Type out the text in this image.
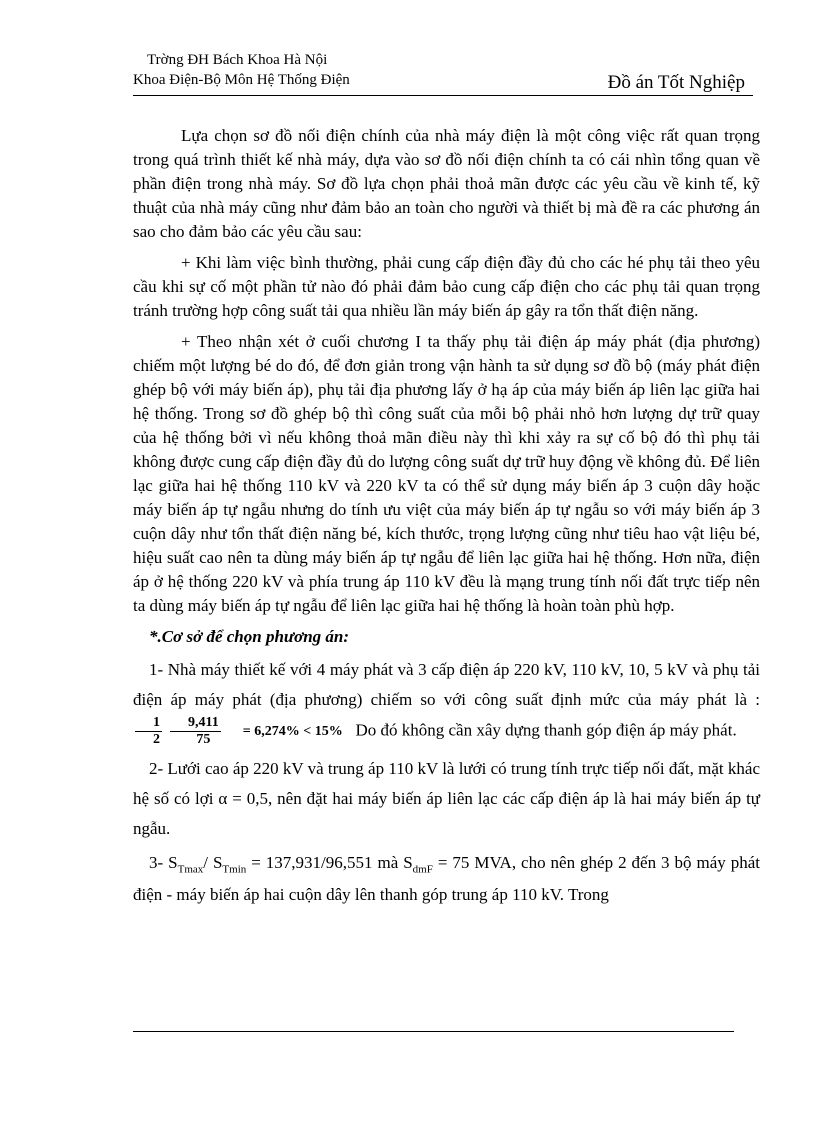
Trờng ĐH Bách Khoa Hà Nội
Khoa Điện-Bộ Môn Hệ Thống Điện	Đồ án Tốt Nghiệp

Lựa chọn sơ đồ nối điện chính của nhà máy điện là một công việc rất quan trọng trong quá trình thiết kế nhà máy, dựa vào sơ đồ nối điện chính ta có cái nhìn tổng quan về phần điện trong nhà máy. Sơ đồ lựa chọn phải thoả mãn được các yêu cầu về kinh tế, kỹ thuật của nhà máy cũng như đảm bảo an toàn cho người và thiết bị mà đề ra các phương án sao cho đảm bảo các yêu cầu sau:

+ Khi làm việc bình thường, phải cung cấp điện đầy đủ cho các hé phụ tải theo yêu cầu khi sự cố một phần tử nào đó phải đảm bảo cung cấp điện cho các phụ tải quan trọng tránh trường hợp công suất tải qua nhiều lần máy biến áp gây ra tổn thất điện năng.

+ Theo nhận xét ở cuối chương I ta thấy phụ tải điện áp máy phát (địa phương) chiếm một lượng bé do đó, để đơn giản trong vận hành ta sử dụng sơ đồ bộ (máy phát điện ghép bộ với máy biến áp), phụ tải địa phương lấy ở hạ áp của máy biến áp liên lạc giữa hai hệ thống. Trong sơ đồ ghép bộ thì công suất của mỗi bộ phải nhỏ hơn lượng dự trữ quay của hệ thống bởi vì nếu không thoả mãn điều này thì khi xảy ra sự cố bộ đó thì phụ tải không được cung cấp điện đầy đủ do lượng công suất dự trữ huy động về không đủ. Để liên lạc giữa hai hệ thống 110 kV và 220 kV ta có thể sử dụng máy biến áp 3 cuộn dây hoặc máy biến áp tự ngẫu nhưng do tính ưu việt của máy biến áp tự ngẫu so với máy biến áp 3 cuộn dây như tổn thất điện năng bé, kích thước, trọng lượng cũng như tiêu hao vật liệu bé, hiệu suất cao nên ta dùng máy biến áp tự ngẫu để liên lạc giữa hai hệ thống. Hơn nữa, điện áp ở hệ thống 220 kV và phía trung áp 110 kV đều là mạng trung tính nối đất trực tiếp nên ta dùng máy biến áp tự ngẫu để liên lạc giữa hai hệ thống là hoàn toàn phù hợp.

*.Cơ sở để chọn phương án:

1- Nhà máy thiết kế với 4 máy phát và 3 cấp điện áp 220 kV, 110 kV, 10, 5 kV và phụ tải điện áp máy phát (địa phương) chiếm so với công suất định mức của máy phát là :
$\frac{1}{2} \frac{9,411}{75}$	= 6,274% < 15% Do đó không cần xây dựng thanh góp điện áp máy phát.

2- Lưới cao áp 220 kV và trung áp 110 kV là lưới có trung tính trực tiếp nối đất, mặt khác hệ số có lợi α = 0,5, nên đặt hai máy biến áp liên lạc các cấp điện áp là hai máy biến áp tự ngẫu.

3- $S_{Tmax}/$ $S_{Tmin} = 137,931/96,551$ mà $S_{dmF} = 75$ MVA, cho nên ghép 2 đến 3 bộ máy phát điện - máy biến áp hai cuộn dây lên thanh góp trung áp 110 kV. Trong
